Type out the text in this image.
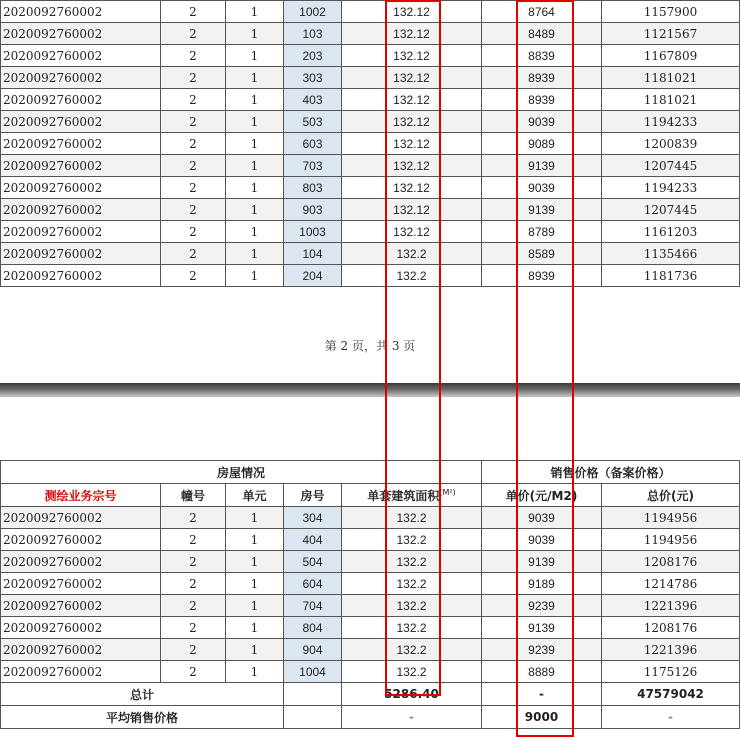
2020092760002	2	1	1002	132.12	8764	1157900
2020092760002	2	1	103	132.12	8489	1121567
2020092760002	2	1	203	132.12	8839	1167809
2020092760002	2	1	303	132.12	8939	1181021
2020092760002	2	1	403	132.12	8939	1181021
2020092760002	2	1	503	132.12	9039	1194233
2020092760002	2	1	603	132.12	9089	1200839
2020092760002	2	1	703	132.12	9139	1207445
2020092760002	2	1	803	132.12	9039	1194233
2020092760002	2	1	903	132.12	9139	1207445
2020092760002	2	1	1003	132.12	8789	1161203
2020092760002	2	1	104	132.2	8589	1135466
2020092760002	2	1	204	132.2	8939	1181736
第 2 页，共 3 页
房屋情况					销售价格（备案价格）	
测绘业务宗号	幢号	单元	房号	单套建筑面积$^{(M^2)}$	单价(元/M2)	总价(元)
2020092760002	2	1	304	132.2	9039	1194956
2020092760002	2	1	404	132.2	9039	1194956
2020092760002	2	1	504	132.2	9139	1208176
2020092760002	2	1	604	132.2	9189	1214786
2020092760002	2	1	704	132.2	9239	1221396
2020092760002	2	1	804	132.2	9139	1208176
2020092760002	2	1	904	132.2	9239	1221396
2020092760002	2	1	1004	132.2	8889	1175126
总计				5286.40	-	47579042
平均销售价格				-	9000	-
